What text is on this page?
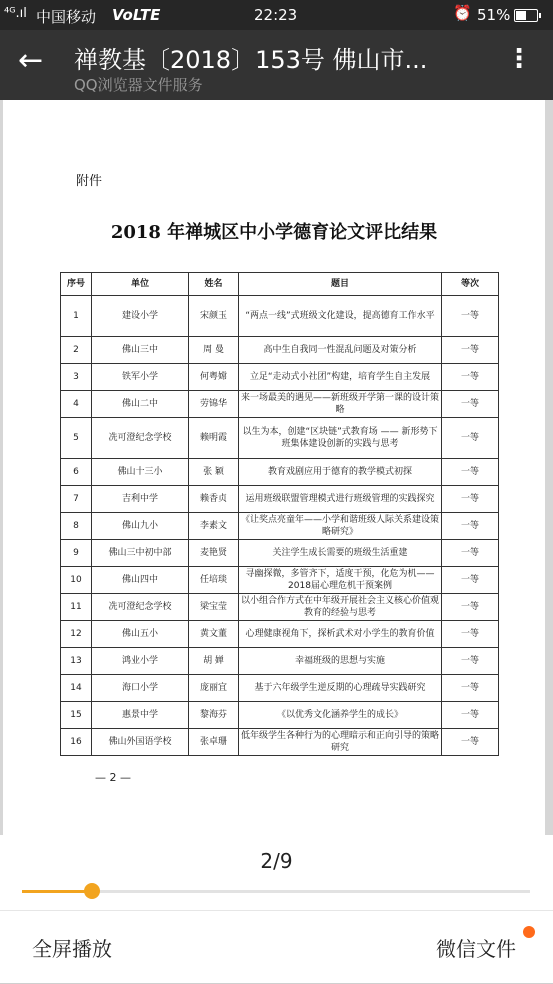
⁴ᴳ.ıl 中国移动 VoLTE	22:23	⏰ 51%
← 禅教基〔2018〕153号 佛山市...
QQ浏览器文件服务
⋮
附件
2018 年禅城区中小学德育论文评比结果
序号	单位	姓名	题目	等次
1	建设小学	宋颜玉	“两点一线”式班级文化建设，提高德育工作水平	一等
2	佛山三中	周 曼	高中生自我同一性混乱问题及对策分析	一等
3	铁军小学	何粤嫦	立足“走动式小社团”构建，培育学生自主发展	一等
4	佛山二中	劳锦华	来一场最美的遇见——新班级开学第一课的设计策略	一等
5	冼可澄纪念学校	赖明霞	以生为本，创建“区块链”式教育场 —— 新形势下班集体建设创新的实践与思考	一等
6	佛山十三小	张 颖	教育戏剧应用于德育的教学模式初探	一等
7	吉利中学	赖香贞	运用班级联盟管理模式进行班级管理的实践探究	一等
8	佛山九小	李素文	《让奖点亮童年——小学和谐班级人际关系建设策略研究》	一等
9	佛山三中初中部	麦艳贤	关注学生成长需要的班级生活重建	一等
10	佛山四中	任培琰	寻幽探微，多管齐下，适度干预，化危为机——2018届心理危机干预案例	一等
11	冼可澄纪念学校	梁宝莹	以小组合作方式在中年级开展社会主义核心价值观教育的经验与思考	一等
12	佛山五小	黄文董	心理健康视角下，探析武术对小学生的教育价值	一等
13	鸿业小学	胡 婵	幸福班级的思想与实施	一等
14	海口小学	庞丽宜	基于六年级学生逆反期的心理疏导实践研究	一等
15	惠景中学	黎海芬	《以优秀文化涵养学生的成长》	一等
16	佛山外国语学校	张卓珊	低年级学生各种行为的心理暗示和正向引导的策略研究	一等
— 2 —
2/9
全屏播放	微信文件
